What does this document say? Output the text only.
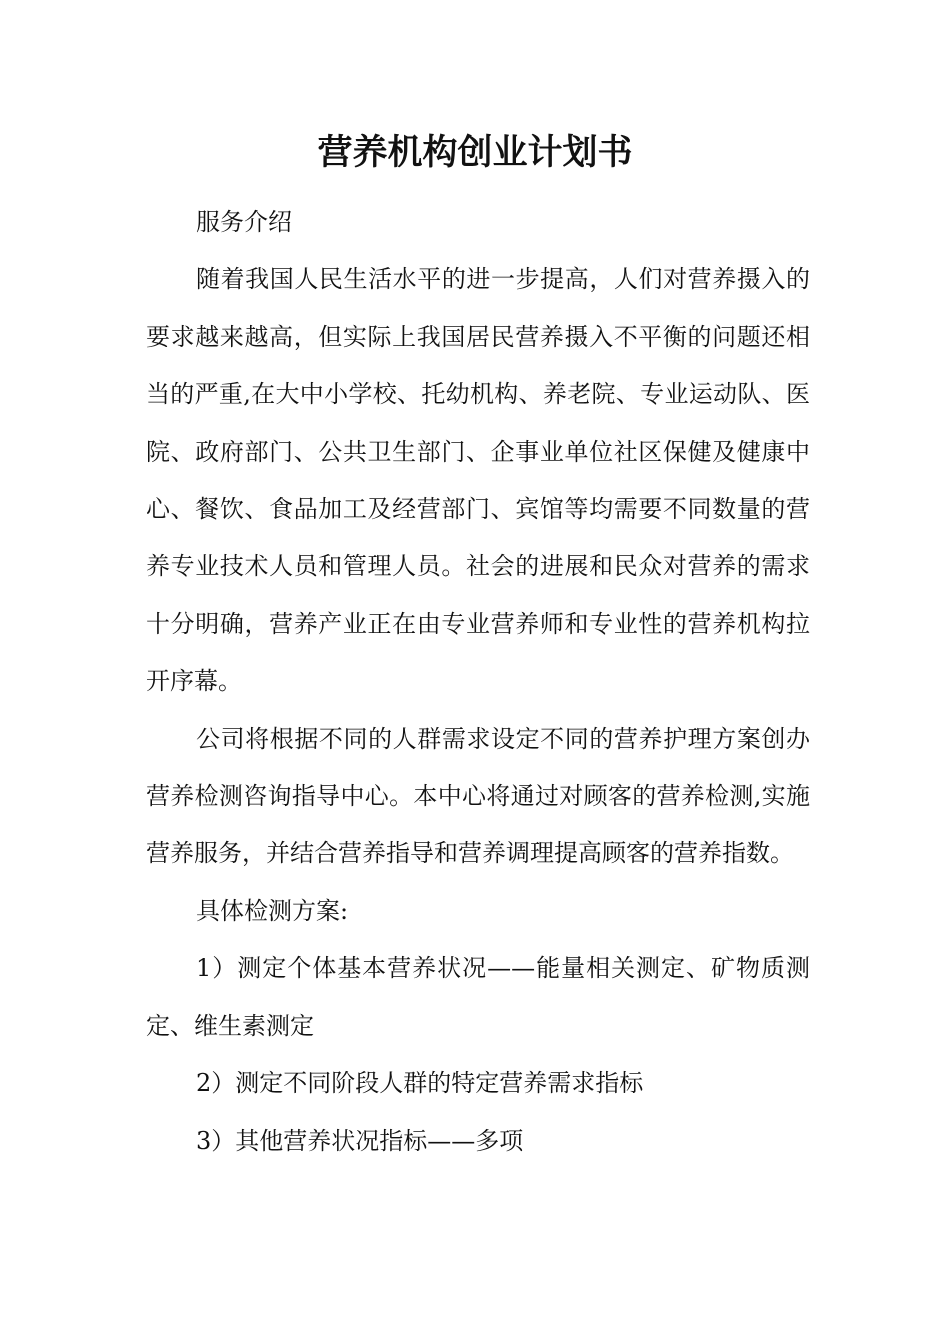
营养机构创业计划书

服务介绍

随着我国人民生活水平的进一步提高，人们对营养摄入的要求越来越高，但实际上我国居民营养摄入不平衡的问题还相当的严重,在大中小学校、托幼机构、养老院、专业运动队、医院、政府部门、公共卫生部门、企事业单位社区保健及健康中心、餐饮、食品加工及经营部门、宾馆等均需要不同数量的营养专业技术人员和管理人员。社会的进展和民众对营养的需求十分明确，营养产业正在由专业营养师和专业性的营养机构拉开序幕。

公司将根据不同的人群需求设定不同的营养护理方案创办营养检测咨询指导中心。本中心将通过对顾客的营养检测,实施营养服务，并结合营养指导和营养调理提高顾客的营养指数。

具体检测方案:

1）测定个体基本营养状况——能量相关测定、矿物质测定、维生素测定

2）测定不同阶段人群的特定营养需求指标

3）其他营养状况指标——多项
